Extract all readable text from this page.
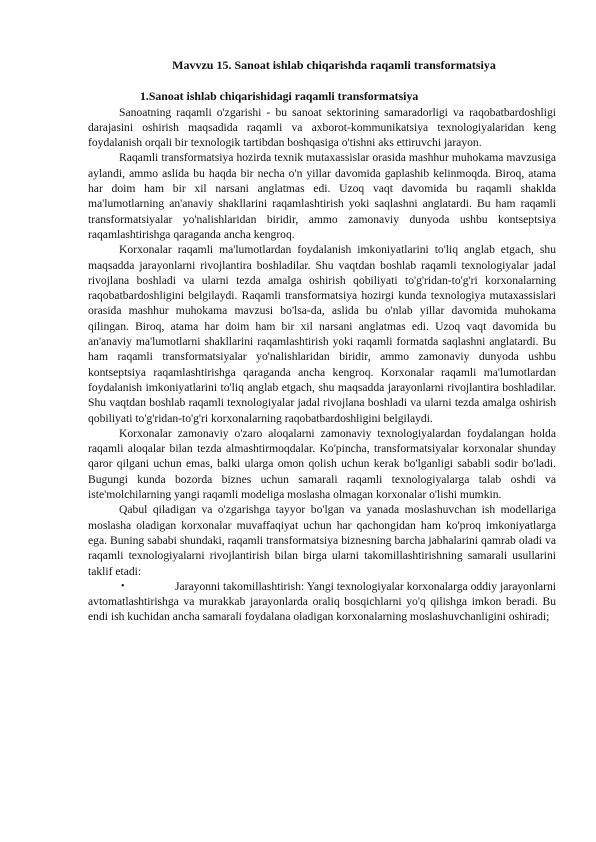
Mavvzu 15. Sanoat ishlab chiqarishda raqamli transformatsiya
1.Sanoat ishlab chiqarishidagi raqamli transformatsiya

Sanoatning raqamli o'zgarishi - bu sanoat sektorining samaradorligi va raqobatbardoshligi darajasini oshirish maqsadida raqamli va axborot-kommunikatsiya texnologiyalaridan keng foydalanish orqali bir texnologik tartibdan boshqasiga o'tishni aks ettiruvchi jarayon.

Raqamli transformatsiya hozirda texnik mutaxassislar orasida mashhur muhokama mavzusiga aylandi, ammo aslida bu haqda bir necha o'n yillar davomida gaplashib kelinmoqda. Biroq, atama har doim ham bir xil narsani anglatmas edi. Uzoq vaqt davomida bu raqamli shaklda ma'lumotlarning an'anaviy shakllarini raqamlashtirish yoki saqlashni anglatardi. Bu ham raqamli transformatsiyalar yo'nalishlaridan biridir, ammo zamonaviy dunyoda ushbu kontseptsiya raqamlashtirishga qaraganda ancha kengroq.

Korxonalar raqamli ma'lumotlardan foydalanish imkoniyatlarini to'liq anglab etgach, shu maqsadda jarayonlarni rivojlantira boshladilar. Shu vaqtdan boshlab raqamli texnologiyalar jadal rivojlana boshladi va ularni tezda amalga oshirish qobiliyati to'g'ridan-to'g'ri korxonalarning raqobatbardoshligini belgilaydi. Raqamli transformatsiya hozirgi kunda texnologiya mutaxassislari orasida mashhur muhokama mavzusi bo'lsa-da, aslida bu o'nlab yillar davomida muhokama qilingan. Biroq, atama har doim ham bir xil narsani anglatmas edi. Uzoq vaqt davomida bu an'anaviy ma'lumotlarni shakllarini raqamlashtirish yoki raqamli formatda saqlashni anglatardi. Bu ham raqamli transformatsiyalar yo'nalishlaridan biridir, ammo zamonaviy dunyoda ushbu kontseptsiya raqamlashtirishga qaraganda ancha kengroq. Korxonalar raqamli ma'lumotlardan foydalanish imkoniyatlarini to'liq anglab etgach, shu maqsadda jarayonlarni rivojlantira boshladilar. Shu vaqtdan boshlab raqamli texnologiyalar jadal rivojlana boshladi va ularni tezda amalga oshirish qobiliyati to'g'ridan-to'g'ri korxonalarning raqobatbardoshligini belgilaydi.

Korxonalar zamonaviy o'zaro aloqalarni zamonaviy texnologiyalardan foydalangan holda raqamli aloqalar bilan tezda almashtirmoqdalar. Ko'pincha, transformatsiyalar korxonalar shunday qaror qilgani uchun emas, balki ularga omon qolish uchun kerak bo'lganligi sababli sodir bo'ladi. Bugungi kunda bozorda biznes uchun samarali raqamli texnologiyalarga talab oshdi va iste'molchilarning yangi raqamli modeliga moslasha olmagan korxonalar o'lishi mumkin.

Qabul qiladigan va o'zgarishga tayyor bo'lgan va yanada moslashuvchan ish modellariga moslasha oladigan korxonalar muvaffaqiyat uchun har qachongidan ham ko'proq imkoniyatlarga ega. Buning sababi shundaki, raqamli transformatsiya biznesning barcha jabhalarini qamrab oladi va raqamli texnologiyalarni rivojlantirish bilan birga ularni takomillashtirishning samarali usullarini taklif etadi:

•	Jarayonni takomillashtirish: Yangi texnologiyalar korxonalarga oddiy jarayonlarni avtomatlashtirishga va murakkab jarayonlarda oraliq bosqichlarni yo'q qilishga imkon beradi. Bu endi ish kuchidan ancha samarali foydalana oladigan korxonalarning moslashuvchanligini oshiradi;
